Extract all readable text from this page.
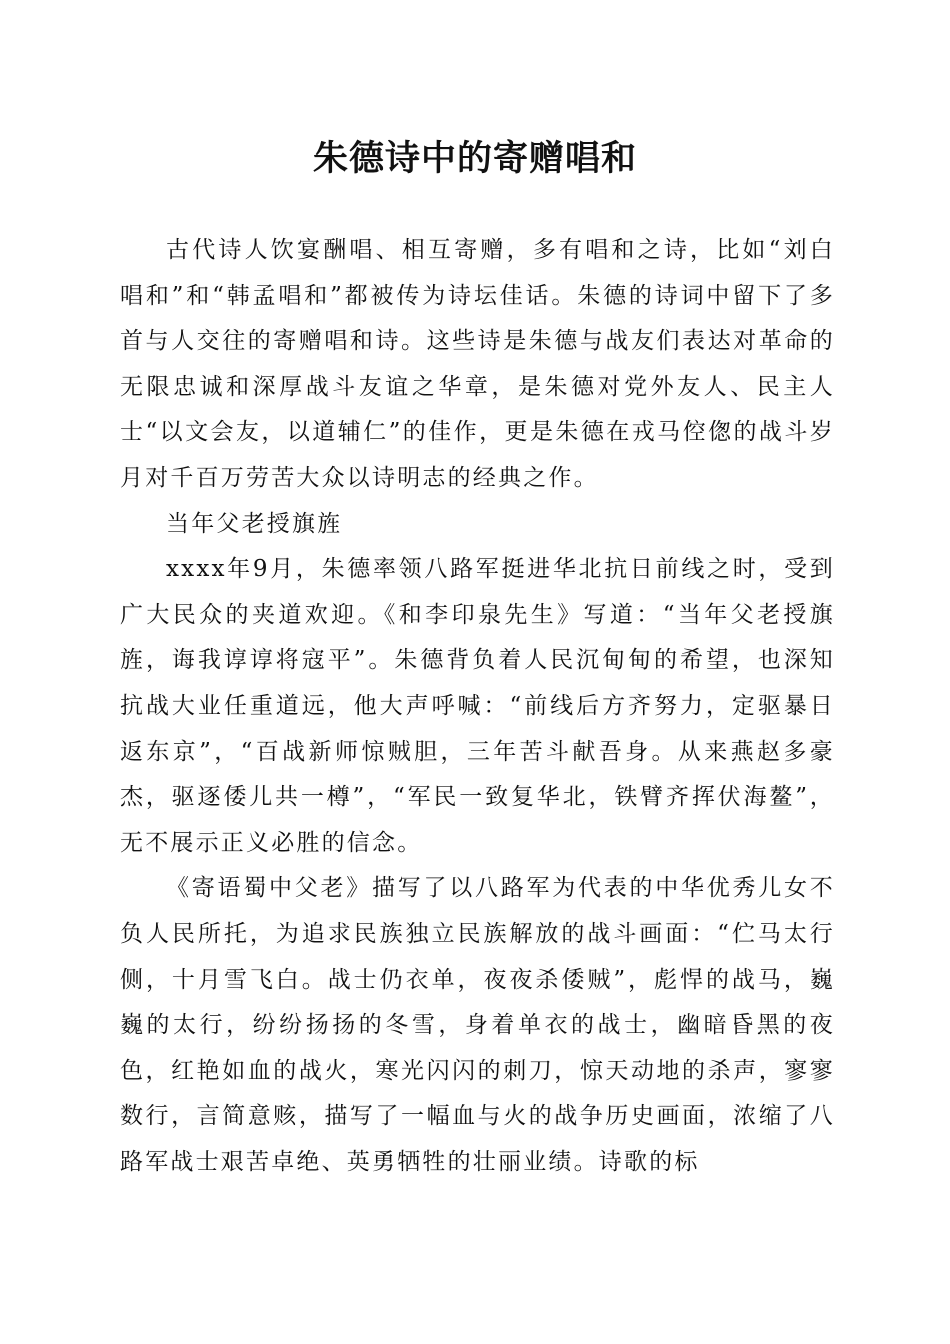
朱德诗中的寄赠唱和

古代诗人饮宴酬唱、相互寄赠，多有唱和之诗，比如“刘白唱和”和“韩孟唱和”都被传为诗坛佳话。朱德的诗词中留下了多首与人交往的寄赠唱和诗。这些诗是朱德与战友们表达对革命的无限忠诚和深厚战斗友谊之华章，是朱德对党外友人、民主人士“以文会友，以道辅仁”的佳作，更是朱德在戎马倥偬的战斗岁月对千百万劳苦大众以诗明志的经典之作。

当年父老授旗旌

xxxx年9月，朱德率领八路军挺进华北抗日前线之时，受到广大民众的夹道欢迎。《和李印泉先生》写道：“当年父老授旗旌，诲我谆谆将寇平”。朱德背负着人民沉甸甸的希望，也深知抗战大业任重道远，他大声呼喊：“前线后方齐努力，定驱暴日返东京”，“百战新师惊贼胆，三年苦斗献吾身。从来燕赵多豪杰，驱逐倭儿共一樽”，“军民一致复华北，铁臂齐挥伏海鳌”，无不展示正义必胜的信念。

《寄语蜀中父老》描写了以八路军为代表的中华优秀儿女不负人民所托，为追求民族独立民族解放的战斗画面：“伫马太行侧，十月雪飞白。战士仍衣单，夜夜杀倭贼”，彪悍的战马，巍巍的太行，纷纷扬扬的冬雪，身着单衣的战士，幽暗昏黑的夜色，红艳如血的战火，寒光闪闪的刺刀，惊天动地的杀声，寥寥数行，言简意赅，描写了一幅血与火的战争历史画面，浓缩了八路军战士艰苦卓绝、英勇牺牲的壮丽业绩。诗歌的标
